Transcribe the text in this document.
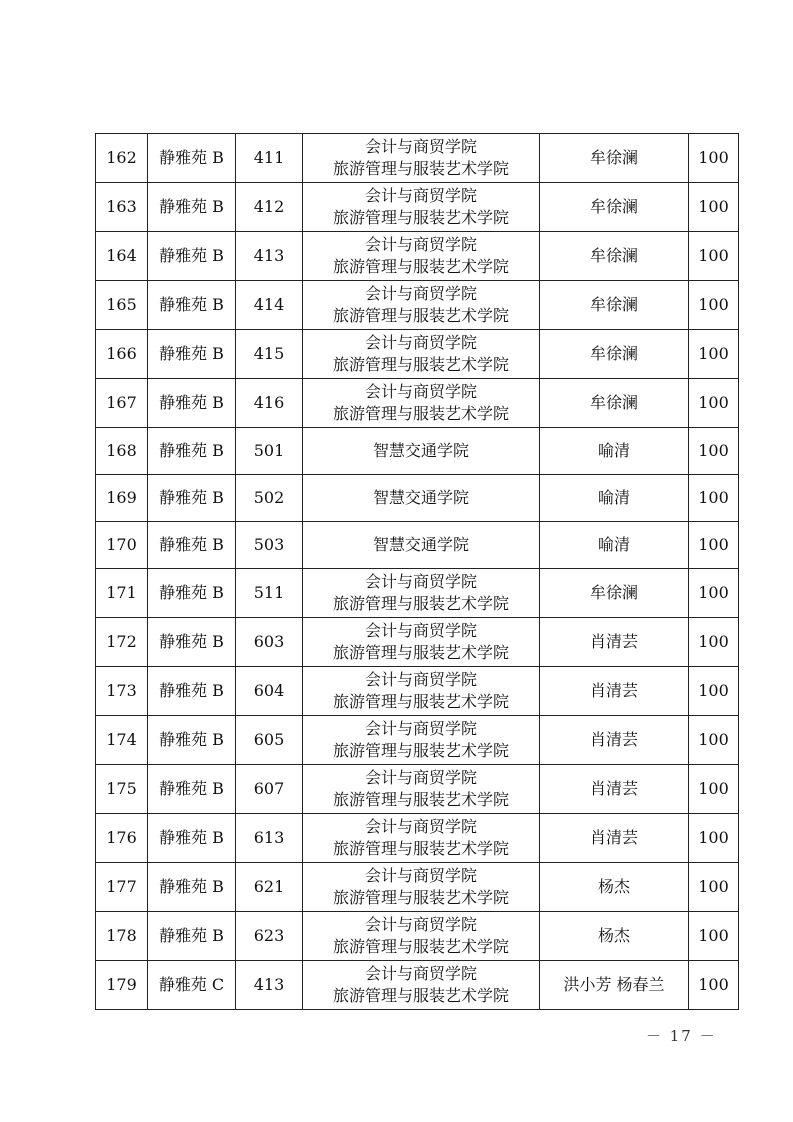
162	静雅苑 B	411	会计与商贸学院
旅游管理与服装艺术学院	牟徐澜	100
163	静雅苑 B	412	会计与商贸学院
旅游管理与服装艺术学院	牟徐澜	100
164	静雅苑 B	413	会计与商贸学院
旅游管理与服装艺术学院	牟徐澜	100
165	静雅苑 B	414	会计与商贸学院
旅游管理与服装艺术学院	牟徐澜	100
166	静雅苑 B	415	会计与商贸学院
旅游管理与服装艺术学院	牟徐澜	100
167	静雅苑 B	416	会计与商贸学院
旅游管理与服装艺术学院	牟徐澜	100
168	静雅苑 B	501	智慧交通学院	喻清	100
169	静雅苑 B	502	智慧交通学院	喻清	100
170	静雅苑 B	503	智慧交通学院	喻清	100
171	静雅苑 B	511	会计与商贸学院
旅游管理与服装艺术学院	牟徐澜	100
172	静雅苑 B	603	会计与商贸学院
旅游管理与服装艺术学院	肖清芸	100
173	静雅苑 B	604	会计与商贸学院
旅游管理与服装艺术学院	肖清芸	100
174	静雅苑 B	605	会计与商贸学院
旅游管理与服装艺术学院	肖清芸	100
175	静雅苑 B	607	会计与商贸学院
旅游管理与服装艺术学院	肖清芸	100
176	静雅苑 B	613	会计与商贸学院
旅游管理与服装艺术学院	肖清芸	100
177	静雅苑 B	621	会计与商贸学院
旅游管理与服装艺术学院	杨杰	100
178	静雅苑 B	623	会计与商贸学院
旅游管理与服装艺术学院	杨杰	100
179	静雅苑 C	413	会计与商贸学院
旅游管理与服装艺术学院	洪小芳 杨春兰	100
－ 17 －
